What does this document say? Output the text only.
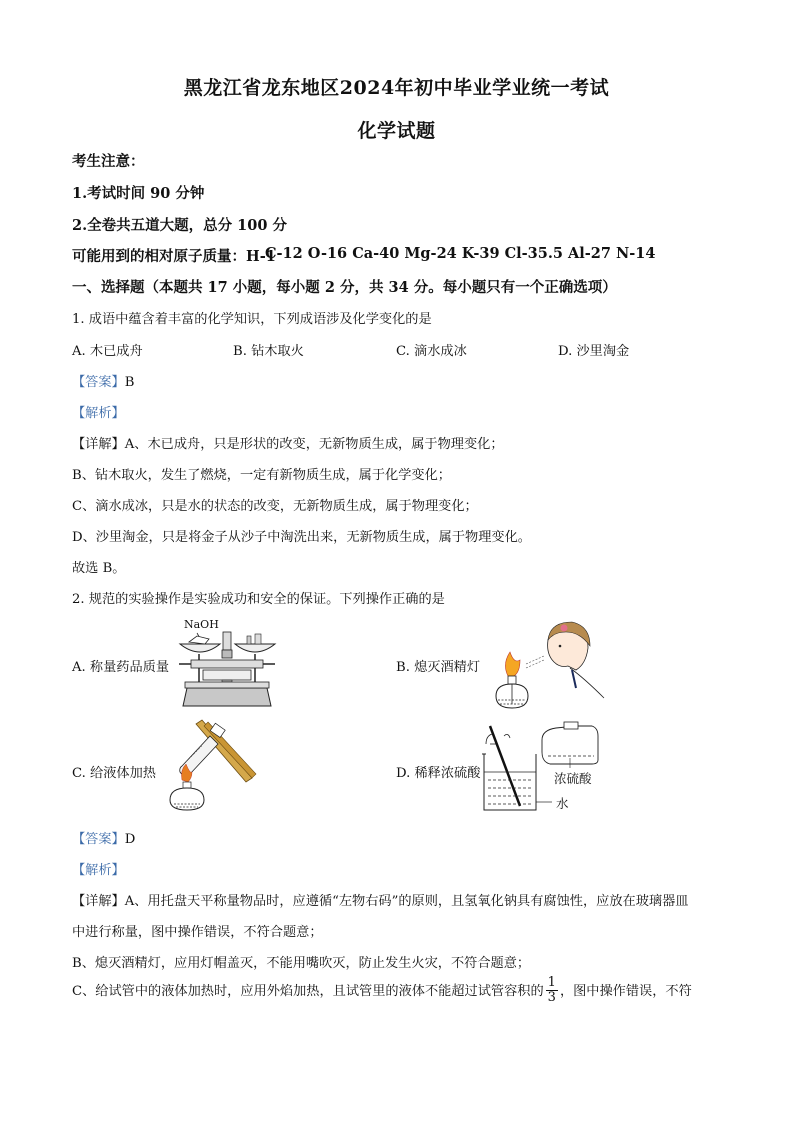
黑龙江省龙东地区2024年初中毕业学业统一考试
化学试题
考生注意：
1.考试时间 90 分钟
2.全卷共五道大题，总分 100 分
可能用到的相对原子质量：H-1
C-12 O-16 Ca-40 Mg-24 K-39 Cl-35.5 Al-27 N-14
一、选择题（本题共 17 小题，每小题 2 分，共 34 分。每小题只有一个正确选项）
1. 成语中蕴含着丰富的化学知识，下列成语涉及化学变化的是
A. 木已成舟	B. 钻木取火	C. 滴水成冰	D. 沙里淘金
【答案】B
【解析】
【详解】A、木已成舟，只是形状的改变，无新物质生成，属于物理变化；
B、钻木取火，发生了燃烧，一定有新物质生成，属于化学变化；
C、滴水成冰，只是水的状态的改变，无新物质生成，属于物理变化；
D、沙里淘金，只是将金子从沙子中淘洗出来，无新物质生成，属于物理变化。
故选 B。
2. 规范的实验操作是实验成功和安全的保证。下列操作正确的是
A. 称量药品质量	B. 熄灭酒精灯
C. 给液体加热	D. 稀释浓硫酸
NaOH
浓硫酸
水
【答案】D
【解析】
【详解】A、用托盘天平称量物品时，应遵循“左物右码”的原则，且氢氧化钠具有腐蚀性，应放在玻璃器皿
中进行称量，图中操作错误，不符合题意；
B、熄灭酒精灯，应用灯帽盖灭，不能用嘴吹灭，防止发生火灾，不符合题意；
C、给试管中的液体加热时，应用外焰加热，且试管里的液体不能超过试管容积的 $\frac{1}{3}$ ，图中操作错误，不符
